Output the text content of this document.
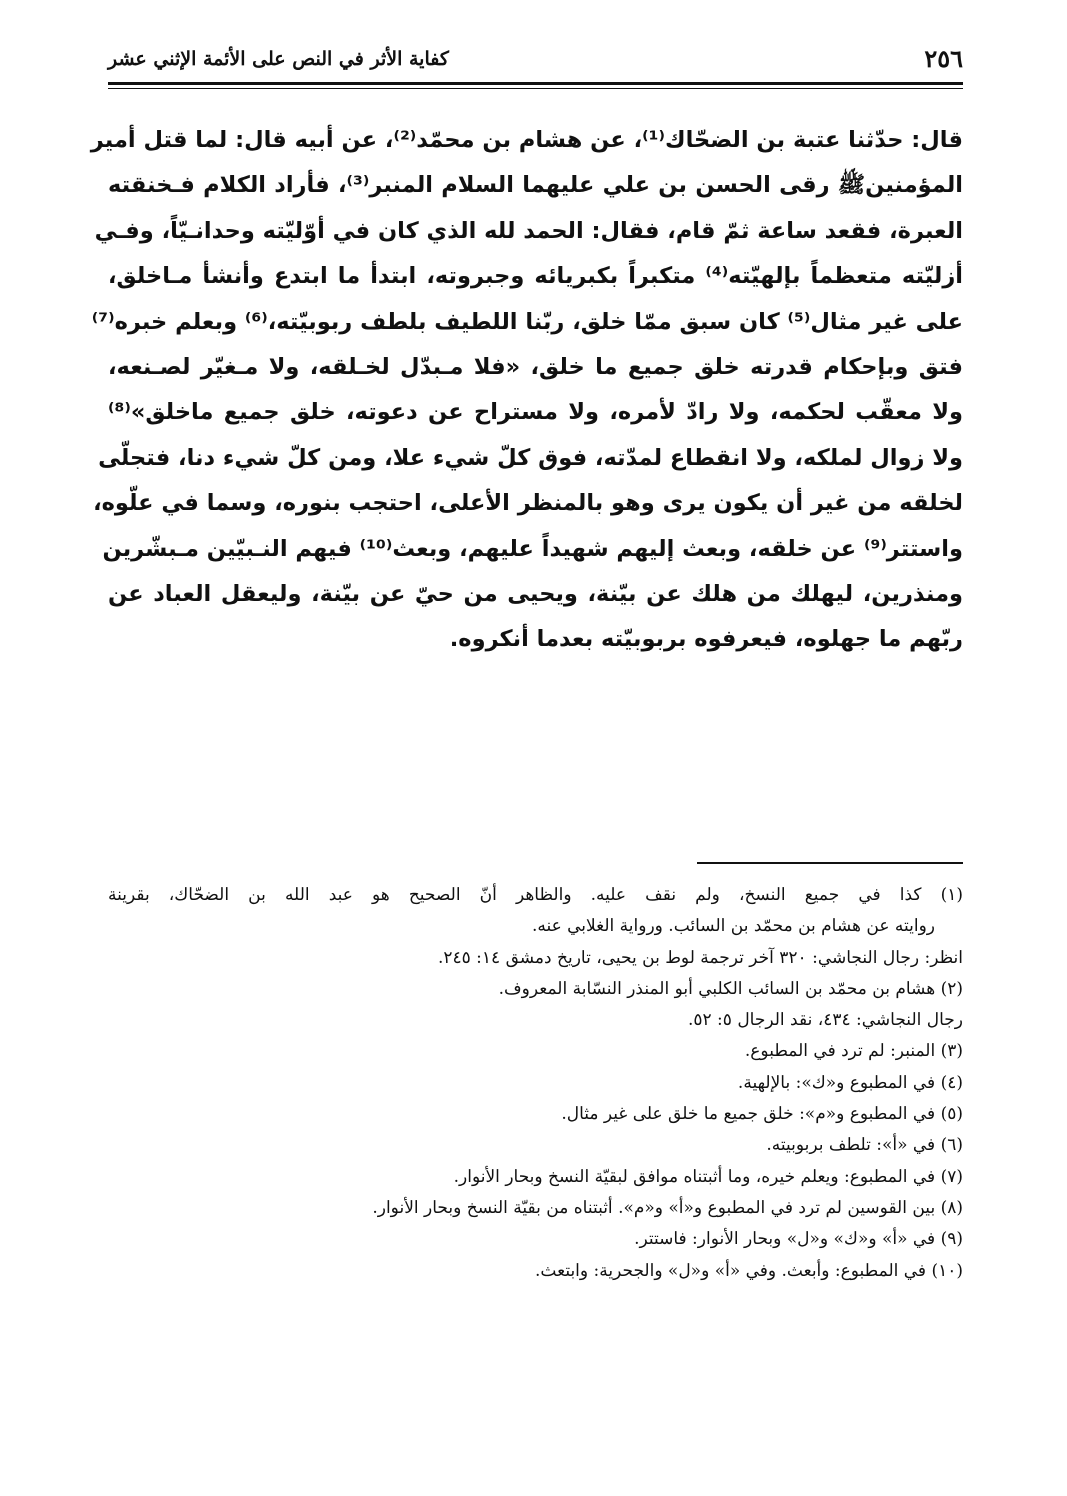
٢٥٦
كفاية الأثر في النص على الأئمة الإثني عشر
قال: حدّثنا عتبة بن الضحّاك⁽¹⁾، عن هشام بن محمّد⁽²⁾، عن أبيه قال: لما قتل أمير
المؤمنينﷺ رقى الحسن بن علي عليهما السلام المنبر⁽³⁾، فأراد الكلام فـخنقته
العبرة، فقعد ساعة ثمّ قام، فقال: الحمد لله الذي كان في أوّليّته وحدانـيّاً، وفـي
أزليّته متعظماً بإلهيّته⁽⁴⁾ متكبراً بكبريائه وجبروته، ابتدأ ما ابتدع وأنشأ مـاخلق،
على غير مثال⁽⁵⁾ كان سبق ممّا خلق، ربّنا اللطيف بلطف ربوبيّته،⁽⁶⁾ وبعلم خبره⁽⁷⁾
فتق وبإحكام قدرته خلق جميع ما خلق، «فلا مـبدّل لخـلقه، ولا مـغيّر لصـنعه،
ولا معقّب لحكمه، ولا رادّ لأمره، ولا مستراح عن دعوته، خلق جميع ماخلق»⁽⁸⁾
ولا زوال لملكه، ولا انقطاع لمدّته، فوق كلّ شيء علا، ومن كلّ شيء دنا، فتجلّى
لخلقه من غير أن يكون يرى وهو بالمنظر الأعلى، احتجب بنوره، وسما في علّوه،
واستتر⁽⁹⁾ عن خلقه، وبعث إليهم شهيداً عليهم، وبعث⁽¹⁰⁾ فيهم النـبيّين مـبشّرين
ومنذرين، ليهلك من هلك عن بيّنة، ويحيى من حيّ عن بيّنة، وليعقل العباد عن
ربّهم ما جهلوه، فيعرفوه بربوبيّته بعدما أنكروه.
(١) كذا في جميع النسخ، ولم نقف عليه. والظاهر أنّ الصحيح هو عبد الله بن الضحّاك، بقرينة
روايته عن هشام بن محمّد بن السائب. ورواية الغلابي عنه.
انظر: رجال النجاشي: ٣٢٠ آخر ترجمة لوط بن يحيى، تاريخ دمشق ١٤: ٢٤٥.
(٢) هشام بن محمّد بن السائب الكلبي أبو المنذر النسّابة المعروف.
رجال النجاشي: ٤٣٤، نقد الرجال ٥: ٥٢.
(٣) المنبر: لم ترد في المطبوع.
(٤) في المطبوع و«ك»: بالإلهية.
(٥) في المطبوع و«م»: خلق جميع ما خلق على غير مثال.
(٦) في «أ»: تلطف بربوبيته.
(٧) في المطبوع: ويعلم خيره، وما أثبتناه موافق لبقيّة النسخ وبحار الأنوار.
(٨) بين القوسين لم ترد في المطبوع و«أ» و«م». أثبتناه من بقيّة النسخ وبحار الأنوار.
(٩) في «أ» و«ك» و«ل» وبحار الأنوار: فاستتر.
(١٠) في المطبوع: وأبعث. وفي «أ» و«ل» والجحرية: وابتعث.
